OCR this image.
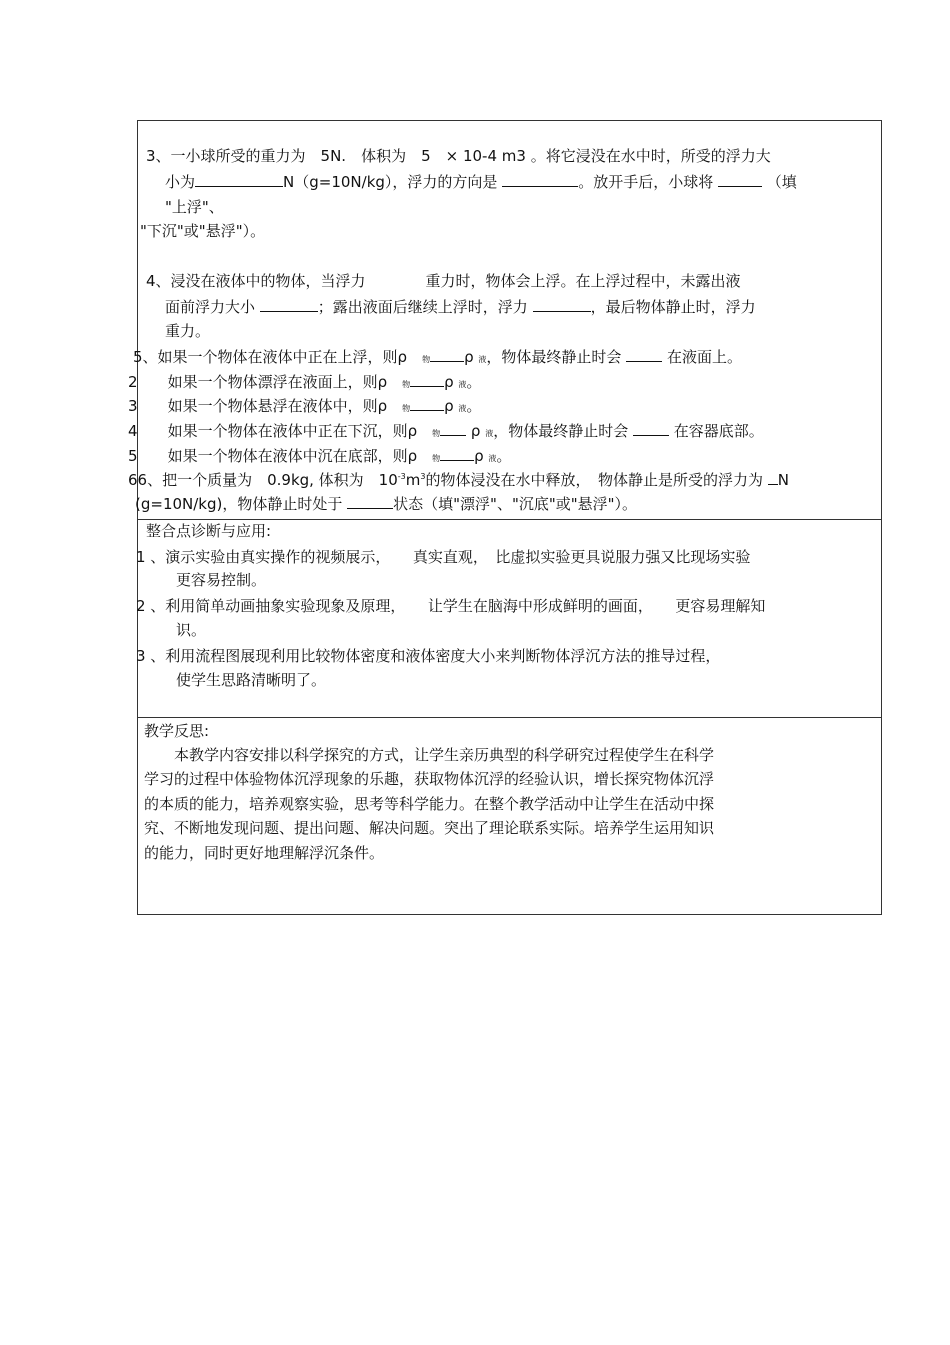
3、一小球所受的重力为　5N.　体积为　5　× 10-4 m3 。将它浸没在水中时，所受的浮力大
小为	N（g=10N∕kg），浮力的方向是	。放开手后，小球将	（填
"上浮"、
"下沉"或"悬浮"）。
4、浸没在液体中的物体，当浮力	重力时，物体会上浮。在上浮过程中，未露出液
面前浮力大小	；露出液面后继续上浮时，浮力	，最后物体静止时，浮力
重力。
5、如果一个物体在液体中正在上浮，则ρ　 物 ρ 液，物体最终静止时会	在液面上。
2　　 如果一个物体漂浮在液面上，则ρ　 物 ρ 液。
3　　 如果一个物体悬浮在液体中，则ρ　 物 ρ 液。
4　　 如果一个物体在液体中正在下沉，则ρ　 物 ρ 液，物体最终静止时会	在容器底部。
5　　 如果一个物体在液体中沉在底部，则ρ　 物 ρ 液。
66、把一个质量为　0.9kg, 体积为　$10^{-3}m^3$的物体浸没在水中释放，　物体静止是所受的浮力为 N
(g=10N/kg)，物体静止时处于	状态（填"漂浮"、"沉底"或"悬浮"）。
整合点诊断与应用:
1 、演示实验由真实操作的视频展示，　　真实直观，　比虚拟实验更具说服力强又比现场实验
更容易控制。
2 、利用简单动画抽象实验现象及原理，　　让学生在脑海中形成鲜明的画面，　　更容易理解知
识。
3 、利用流程图展现利用比较物体密度和液体密度大小来判断物体浮沉方法的推导过程，
使学生思路清晰明了。
教学反思:
　　本教学内容安排以科学探究的方式，让学生亲历典型的科学研究过程使学生在科学
学习的过程中体验物体沉浮现象的乐趣，获取物体沉浮的经验认识，增长探究物体沉浮
的本质的能力，培养观察实验，思考等科学能力。在整个教学活动中让学生在活动中探
究、不断地发现问题、提出问题、解决问题。突出了理论联系实际。培养学生运用知识
的能力，同时更好地理解浮沉条件。
